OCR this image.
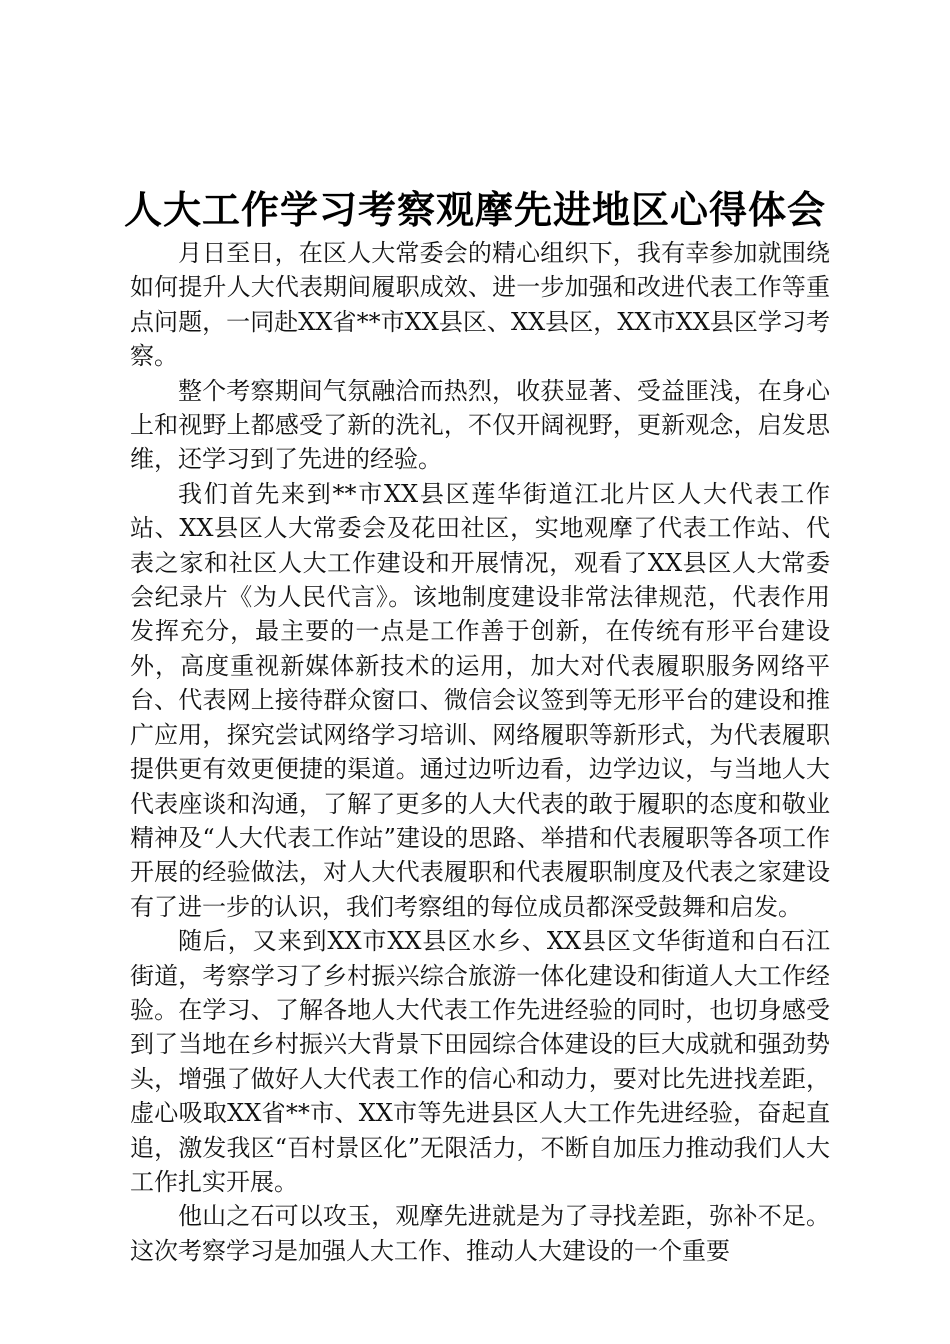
人大工作学习考察观摩先进地区心得体会

月日至日，在区人大常委会的精心组织下，我有幸参加就围绕如何提升人大代表期间履职成效、进一步加强和改进代表工作等重点问题，一同赴XX省**市XX县区、XX县区，XX市XX县区学习考察。

整个考察期间气氛融洽而热烈，收获显著、受益匪浅，在身心上和视野上都感受了新的洗礼，不仅开阔视野，更新观念，启发思维，还学习到了先进的经验。

我们首先来到**市XX县区莲华街道江北片区人大代表工作站、XX县区人大常委会及花田社区，实地观摩了代表工作站、代表之家和社区人大工作建设和开展情况，观看了XX县区人大常委会纪录片《为人民代言》。该地制度建设非常法律规范，代表作用发挥充分，最主要的一点是工作善于创新，在传统有形平台建设外，高度重视新媒体新技术的运用，加大对代表履职服务网络平台、代表网上接待群众窗口、微信会议签到等无形平台的建设和推广应用，探究尝试网络学习培训、网络履职等新形式，为代表履职提供更有效更便捷的渠道。通过边听边看，边学边议，与当地人大代表座谈和沟通，了解了更多的人大代表的敢于履职的态度和敬业精神及“人大代表工作站”建设的思路、举措和代表履职等各项工作开展的经验做法，对人大代表履职和代表履职制度及代表之家建设有了进一步的认识，我们考察组的每位成员都深受鼓舞和启发。

随后，又来到XX市XX县区水乡、XX县区文华街道和白石江街道，考察学习了乡村振兴综合旅游一体化建设和街道人大工作经验。在学习、了解各地人大代表工作先进经验的同时，也切身感受到了当地在乡村振兴大背景下田园综合体建设的巨大成就和强劲势头，增强了做好人大代表工作的信心和动力，要对比先进找差距，虚心吸取XX省**市、XX市等先进县区人大工作先进经验，奋起直追，激发我区“百村景区化”无限活力，不断自加压力推动我们人大工作扎实开展。

他山之石可以攻玉，观摩先进就是为了寻找差距，弥补不足。这次考察学习是加强人大工作、推动人大建设的一个重要
